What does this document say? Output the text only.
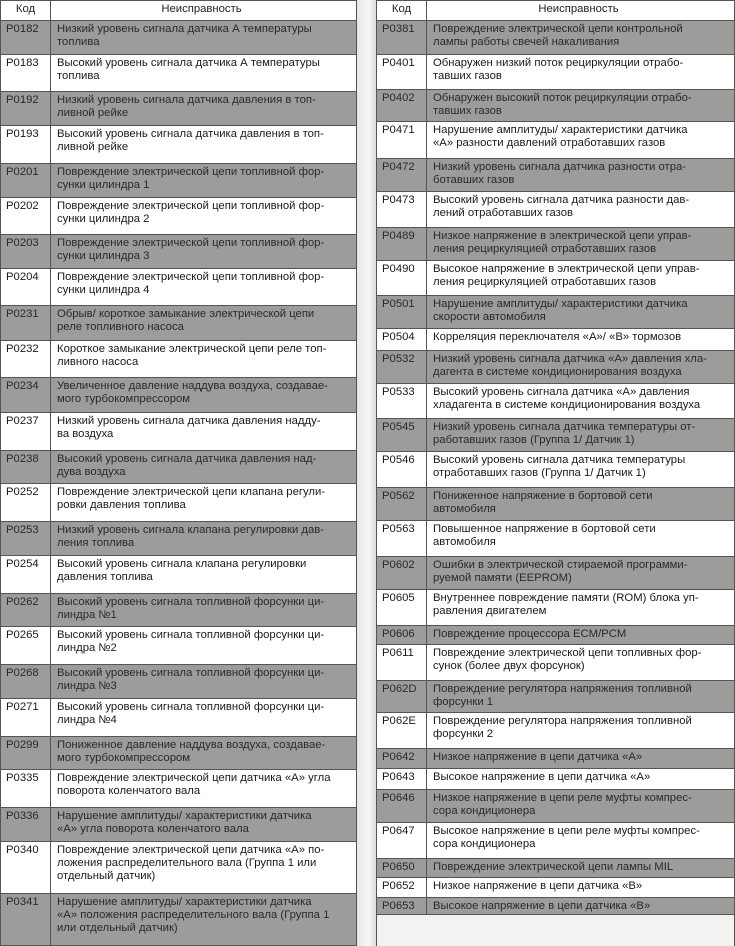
Код	Неисправность
P0182	Низкий уровень сигнала датчика А температуры
топлива
P0183	Высокий уровень сигнала датчика А температуры
топлива
P0192	Низкий уровень сигнала датчика давления в топ-
ливной рейке
P0193	Высокий уровень сигнала датчика давления в топ-
ливной рейке
P0201	Повреждение электрической цепи топливной фор-
сунки цилиндра 1
P0202	Повреждение электрической цепи топливной фор-
сунки цилиндра 2
P0203	Повреждение электрической цепи топливной фор-
сунки цилиндра 3
P0204	Повреждение электрической цепи топливной фор-
сунки цилиндра 4
P0231	Обрыв/ короткое замыкание электрической цепи
реле топливного насоса
P0232	Короткое замыкание электрической цепи реле топ-
ливного насоса
P0234	Увеличенное давление наддува воздуха, создавае-
мого турбокомпрессором
P0237	Низкий уровень сигнала датчика давления надду-
ва воздуха
P0238	Высокий уровень сигнала датчика давления над-
дува воздуха
P0252	Повреждение электрической цепи клапана регули-
ровки давления топлива
P0253	Низкий уровень сигнала клапана регулировки дав-
ления топлива
P0254	Высокий уровень сигнала клапана регулировки
давления топлива
P0262	Высокий уровень сигнала топливной форсунки ци-
линдра №1
P0265	Высокий уровень сигнала топливной форсунки ци-
линдра №2
P0268	Высокий уровень сигнала топливной форсунки ци-
линдра №3
P0271	Высокий уровень сигнала топливной форсунки ци-
линдра №4
P0299	Пониженное давление наддува воздуха, создавае-
мого турбокомпрессором
P0335	Повреждение электрической цепи датчика «А» угла
поворота коленчатого вала
P0336	Нарушение амплитуды/ характеристики датчика
«А» угла поворота коленчатого вала
P0340	Повреждение электрической цепи датчика «А» по-
ложения распределительного вала (Группа 1 или
отдельный датчик)
P0341	Нарушение амплитуды/ характеристики датчика
«А» положения распределительного вала (Группа 1
или отдельный датчик)
Код	Неисправность
P0381	Повреждение электрической цепи контрольной
лампы работы свечей накаливания
P0401	Обнаружен низкий поток рециркуляции отрабо-
тавших газов
P0402	Обнаружен высокий поток рециркуляции отрабо-
тавших газов
P0471	Нарушение амплитуды/ характеристики датчика
«А» разности давлений отработавших газов
P0472	Низкий уровень сигнала датчика разности отра-
ботавших газов
P0473	Высокий уровень сигнала датчика разности дав-
лений отработавших газов
P0489	Низкое напряжение в электрической цепи управ-
ления рециркуляцией отработавших газов
P0490	Высокое напряжение в электрической цепи управ-
ления рециркуляцией отработавших газов
P0501	Нарушение амплитуды/ характеристики датчика
скорости автомобиля
P0504	Корреляция переключателя «А»/ «В» тормозов
P0532	Низкий уровень сигнала датчика «А» давления хла-
дагента в системе кондиционирования воздуха
P0533	Высокий уровень сигнала датчика «А» давления
хладагента в системе кондиционирования воздуха
P0545	Низкий уровень сигнала датчика температуры от-
работавших газов (Группа 1/ Датчик 1)
P0546	Высокий уровень сигнала датчика температуры
отработавших газов (Группа 1/ Датчик 1)
P0562	Пониженное напряжение в бортовой сети
автомобиля
P0563	Повышенное напряжение в бортовой сети
автомобиля
P0602	Ошибки в электрической стираемой программи-
руемой памяти (EEPROM)
P0605	Внутреннее повреждение памяти (ROM) блока уп-
равления двигателем
P0606	Повреждение процессора ECM/PCM
P0611	Повреждение электрической цепи топливных фор-
сунок (более двух форсунок)
P062D	Повреждение регулятора напряжения топливной
форсунки 1
P062E	Повреждение регулятора напряжения топливной
форсунки 2
P0642	Низкое напряжение в цепи датчика «А»
P0643	Высокое напряжение в цепи датчика «А»
P0646	Низкое напряжение в цепи реле муфты компрес-
сора кондиционера
P0647	Высокое напряжение в цепи реле муфты компрес-
сора кондиционера
P0650	Повреждение электрической цепи лампы MIL
P0652	Низкое напряжение в цепи датчика «В»
P0653	Высокое напряжение в цепи датчика «В»
